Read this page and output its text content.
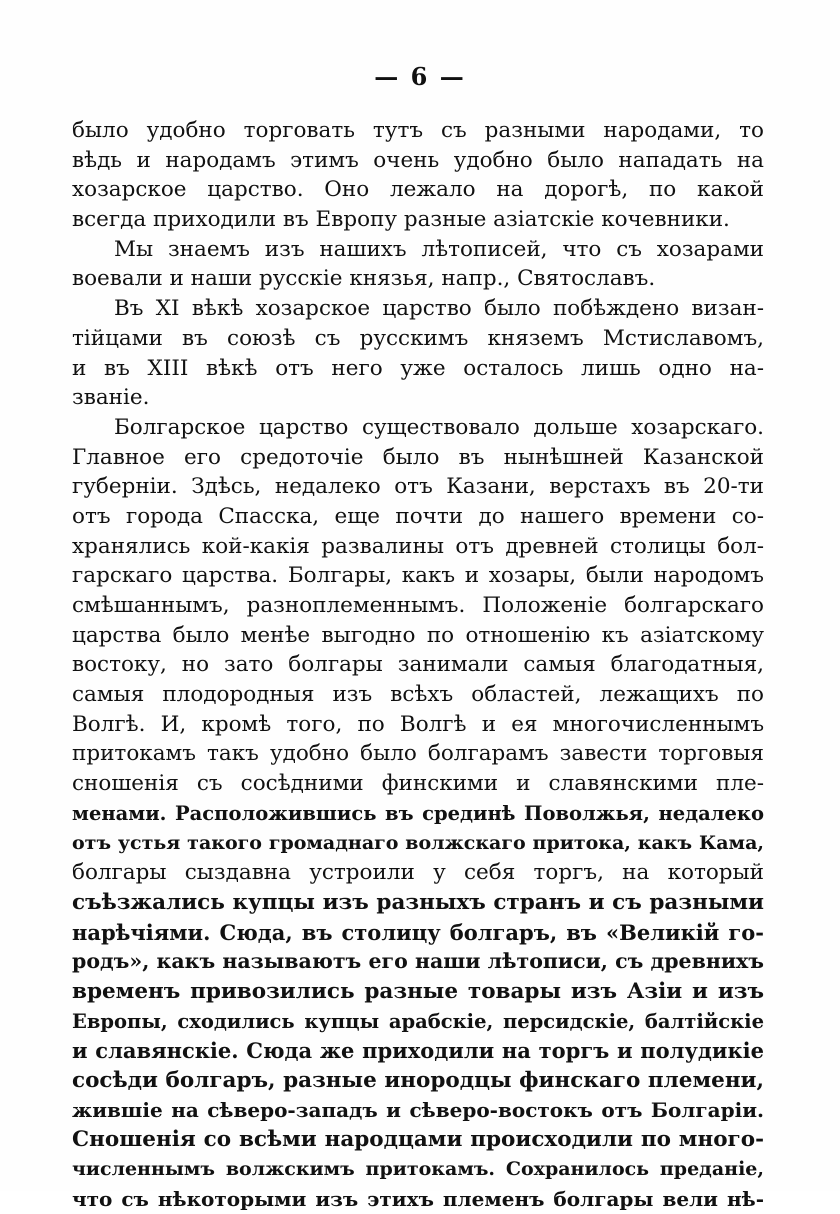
— 6 —
было удобно торговать тутъ съ разными народами, то
вѣдь и народамъ этимъ очень удобно было нападать на
хозарское царство. Оно лежало на дорогѣ, по какой
всегда приходили въ Европу разные азіатскіе кочевники.
Мы знаемъ изъ нашихъ лѣтописей, что съ хозарами
воевали и наши русскіе князья, напр., Святославъ.
Въ XI вѣкѣ хозарское царство было побѣждено визан-
тійцами въ союзѣ съ русскимъ княземъ Мстиславомъ,
и въ XIII вѣкѣ отъ него уже осталось лишь одно на-
званіе.
Болгарское царство существовало дольше хозарскаго.
Главное его средоточіе было въ нынѣшней Казанской
губерніи. Здѣсь, недалеко отъ Казани, верстахъ въ 20-ти
отъ города Спасска, еще почти до нашего времени со-
хранялись кой-какія развалины отъ древней столицы бол-
гарскаго царства. Болгары, какъ и хозары, были народомъ
смѣшаннымъ, разноплеменнымъ. Положеніе болгарскаго
царства было менѣе выгодно по отношенію къ азіатскому
востоку, но зато болгары занимали самыя благодатныя,
самыя плодородныя изъ всѣхъ областей, лежащихъ по
Волгѣ. И, кромѣ того, по Волгѣ и ея многочисленнымъ
притокамъ такъ удобно было болгарамъ завести торговыя
сношенія съ сосѣдними финскими и славянскими пле-
менами. Расположившись въ срединѣ Поволжья, недалеко
отъ устья такого громаднаго волжскаго притока, какъ Кама,
болгары сыздавна устроили у себя торгъ, на который
съѣзжались купцы изъ разныхъ странъ и съ разными
нарѣчіями. Сюда, въ столицу болгаръ, въ «Великій го-
родъ», какъ называютъ его наши лѣтописи, съ древнихъ
временъ привозились разные товары изъ Азіи и изъ
Европы, сходились купцы арабскіе, персидскіе, балтійскіе
и славянскіе. Сюда же приходили на торгъ и полудикіе
сосѣди болгаръ, разные инородцы финскаго племени,
жившіе на сѣверо-западъ и сѣверо-востокъ отъ Болгаріи.
Сношенія со всѣми народцами происходили по много-
численнымъ волжскимъ притокамъ. Сохранилось преданіе,
что съ нѣкоторыми изъ этихъ племенъ болгары вели нѣ-
